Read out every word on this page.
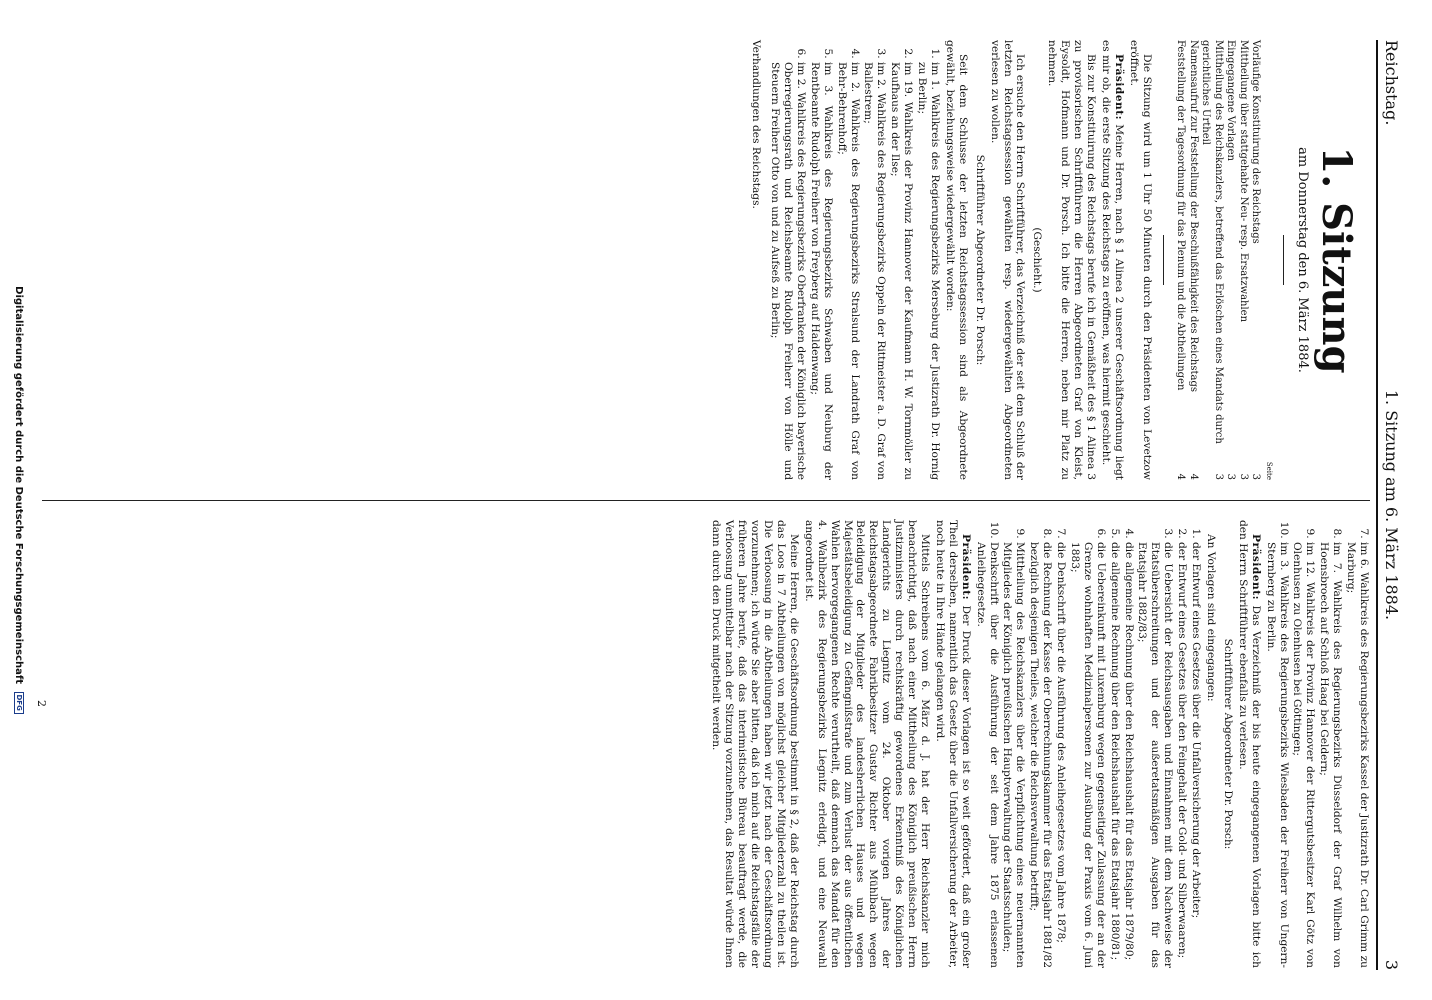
Reichstag.
1. Sitzung am 6. März 1884.
3
1. Sitzung
am Donnerstag den 6. März 1884.
Seite
Vorläufige Konstituirung des Reichstags
3
Mittheilung über stattgehabte Neu- resp. Ersatzwahlen
3
Eingegangene Vorlagen
3
Mittheilung des Reichskanzlers, betreffend das Erlöschen eines Mandats durch gerichtliches Urtheil
3
Namensaufruf zur Feststellung der Beschlußfähigkeit des Reichstags
4
Feststellung der Tagesordnung für das Plenum und die Abtheilungen
4

Die Sitzung wird um 1 Uhr 50 Minuten durch den Präsidenten von Levetzow eröffnet.

Präsident: Meine Herren, nach § 1 Alinea 2 unserer Geschäftsordnung liegt es mir ob, die erste Sitzung des Reichstags zu eröffnen, was hiermit geschieht.

Bis zur Konstituirung des Reichstags berufe ich in Gemäßheit des § 1 Alinea 3 zu provisorischen Schriftführern die Herren Abgeordneten Graf von Kleist, Eysoldt, Hofmann und Dr. Porsch. Ich bitte die Herren, neben mir Platz zu nehmen.

(Geschieht.)

Ich ersuche den Herrn Schriftführer, das Verzeichniß der seit dem Schluß der letzten Reichstagssession gewählten resp. wiedergewählten Abgeordneten verlesen zu wollen.

Schriftführer Abgeordneter Dr. Porsch:

Seit dem Schlusse der letzten Reichstagssession sind als Abgeordnete gewählt, beziehungsweise wiedergewählt worden:

1. im 1. Wahlkreis des Regierungsbezirks Merseburg der Justizrath Dr. Hornig zu Berlin;
2. im 19. Wahlkreis der Provinz Hannover der Kaufmann H. W. Tornmöller zu Kaufhaus an der Ilse;
3. im 2. Wahlkreis des Regierungsbezirks Oppeln der Rittmeister a. D. Graf von Ballestrem;
4. im 2. Wahlkreis des Regierungsbezirks Stralsund der Landrath Graf von Behr-Behrenhoff;
5. im 3. Wahlkreis des Regierungsbezirks Schwaben und Neuburg der Rentbeamte Rudolph Freiherr von Freyberg auf Haldenwang;
6. im 2. Wahlkreis des Regierungsbezirks Oberfranken der Königlich bayerische Oberregierungsrath und Reichsbeamte Rudolph Freiherr von Hölle und Steuern Freiherr Otto von und zu Aufseß zu Berlin;

Verhandlungen des Reichstags.

7. im 6. Wahlkreis des Regierungsbezirks Kassel der Justizrath Dr. Carl Grimm zu Marburg;
8. im 7. Wahlkreis des Regierungsbezirks Düsseldorf der Graf Wilhelm von Hoensbroech auf Schloß Haag bei Geldern;
9. im 12. Wahlkreis der Provinz Hannover der Rittergutsbesitzer Karl Götz von Olenhusen zu Olenhusen bei Göttingen;
10. im 3. Wahlkreis des Regierungsbezirks Wiesbaden der Freiherr von Ungern-Sternberg zu Berlin.

Präsident: Das Verzeichniß der bis heute eingegangenen Vorlagen bitte ich den Herrn Schriftführer ebenfalls zu verlesen.

Schriftführer Abgeordneter Dr. Porsch:

An Vorlagen sind eingegangen:

1. der Entwurf eines Gesetzes über die Unfallversicherung der Arbeiter;
2. der Entwurf eines Gesetzes über den Feingehalt der Gold- und Silberwaaren;
3. die Uebersicht der Reichsausgaben und Einnahmen mit dem Nachweise der Etatsüberschreitungen und der außeretatsmäßigen Ausgaben für das Etatsjahr 1882/83;
4. die allgemeine Rechnung über den Reichshaushalt für das Etatsjahr 1879/80;
5. die allgemeine Rechnung über den Reichshaushalt für das Etatsjahr 1880/81;
6. die Uebereinkunft mit Luxemburg wegen gegenseitiger Zulassung der an der Grenze wohnhaften Medizinalpersonen zur Ausübung der Praxis vom 6. Juni 1883;
7. die Denkschrift über die Ausführung des Anleihegesetzes vom Jahre 1878;
8. die Rechnung der Kasse der Oberrechnungskammer für das Etatsjahr 1881/82 bezüglich desjenigen Theiles, welcher die Reichsverwaltung betrifft;
9. Mittheilung des Reichskanzlers über die Verpflichtung eines neuernannten Mitgliedes der Königlich preußischen Hauptverwaltung der Staatsschulden;
10. Denkschrift über die Ausführung der seit dem Jahre 1875 erlassenen Anleihegesetze.

Präsident: Der Druck dieser Vorlagen ist so weit gefördert, daß ein großer Theil derselben, namentlich das Gesetz über die Unfallversicherung der Arbeiter, noch heute in Ihre Hände gelangen wird.

Mittels Schreibens vom 6. März d. J. hat der Herr Reichskanzler mich benachrichtigt, daß nach einer Mittheilung des Königlich preußischen Herrn Justizministers durch rechtskräftig gewordenes Erkenntniß des Königlichen Landgerichts zu Liegnitz vom 24. Oktober vorigen Jahres der Reichstagsabgeordnete Fabrikbesitzer Gustav Richter aus Mühlbach wegen Beleidigung der Mitglieder des landesherrlichen Hauses und wegen Majestätsbeleidigung zu Gefängnißstrafe und zum Verlust der aus öffentlichen Wahlen hervorgegangenen Rechte verurtheilt, daß demnach das Mandat für den 4. Wahlbezirk des Regierungsbezirks Liegnitz erledigt, und eine Neuwahl angeordnet ist.

Meine Herren, die Geschäftsordnung bestimmt in § 2, daß der Reichstag durch das Loos in 7 Abtheilungen von möglichst gleicher Mitgliederzahl zu theilen ist. Die Verloosung in die Abtheilungen haben wir jetzt nach der Geschäftsordnung vorzunehmen; ich würde Sie aber bitten, daß ich mich auf die Reichstagsfälle der früheren Jahre berufe, daß das interimistische Büreau beauftragt werde, die Verloosung unmittelbar nach der Sitzung vorzunehmen, das Resultat würde Ihnen dann durch den Druck mitgetheilt werden.

2
Digitalisierung gefördert durch die Deutsche Forschungsgemeinschaft DFG
